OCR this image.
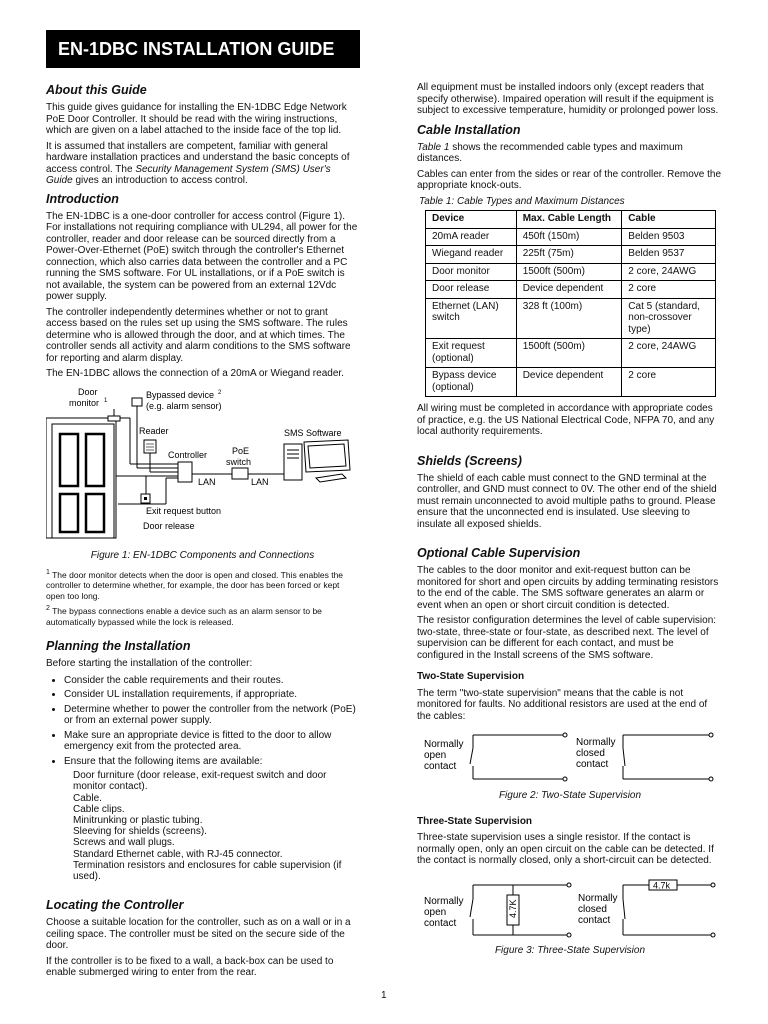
EN-1DBC INSTALLATION GUIDE
About this Guide

This guide gives guidance for installing the EN-1DBC Edge Network PoE Door Controller. It should be read with the wiring instructions, which are given on a label attached to the inside face of the top lid.

It is assumed that installers are competent, familiar with general hardware installation practices and understand the basic concepts of access control. The Security Management System (SMS) User's Guide gives an introduction to access control.

Introduction

The EN-1DBC is a one-door controller for access control (Figure 1). For installations not requiring compliance with UL294, all power for the controller, reader and door release can be sourced directly from a Power-Over-Ethernet (PoE) switch through the controller's Ethernet connection, which also carries data between the controller and a PC running the SMS software. For UL installations, or if a PoE switch is not available, the system can be powered from an external 12Vdc power supply.

The controller independently determines whether or not to grant access based on the rules set up using the SMS software. The rules determine who is allowed through the door, and at which times. The controller sends all activity and alarm conditions to the SMS software for reporting and alarm display.

The EN-1DBC allows the connection of a 20mA or Wiegand reader.

Door
monitor 1
Bypassed device 2
(e.g. alarm sensor)
Reader
Exit request button
Door release
Controller
LAN
PoE
switch
LAN
SMS Software
Figure 1: EN-1DBC Components and Connections

$^1$ The door monitor detects when the door is open and closed. This enables the controller to determine whether, for example, the door has been forced or kept open too long.

$^2$ The bypass connections enable a device such as an alarm sensor to be automatically bypassed while the lock is released.

Planning the Installation

Before starting the installation of the controller:

• Consider the cable requirements and their routes.
• Consider UL installation requirements, if appropriate.
• Determine whether to power the controller from the network (PoE) or from an external power supply.
• Make sure an appropriate device is fitted to the door to allow emergency exit from the protected area.
• Ensure that the following items are available:
Door furniture (door release, exit-request switch and door monitor contact).
Cable.
Cable clips.
Minitrunking or plastic tubing.
Sleeving for shields (screens).
Screws and wall plugs.
Standard Ethernet cable, with RJ-45 connector.
Termination resistors and enclosures for cable supervision (if used).
Locating the Controller

Choose a suitable location for the controller, such as on a wall or in a ceiling space. The controller must be sited on the secure side of the door.

If the controller is to be fixed to a wall, a back-box can be used to enable submerged wiring to enter from the rear.

All equipment must be installed indoors only (except readers that specify otherwise). Impaired operation will result if the equipment is subject to excessive temperature, humidity or prolonged power loss.

Cable Installation

Table 1 shows the recommended cable types and maximum distances.

Cables can enter from the sides or rear of the controller. Remove the appropriate knock-outs.

Table 1: Cable Types and Maximum Distances
Device	Max. Cable Length	Cable
20mA reader	450ft (150m)	Belden 9503
Wiegand reader	225ft (75m)	Belden 9537
Door monitor	1500ft (500m)	2 core, 24AWG
Door release	Device dependent	2 core
Ethernet (LAN) switch	328 ft (100m)	Cat 5 (standard, non-crossover type)
Exit request (optional)	1500ft (500m)	2 core, 24AWG
Bypass device (optional)	Device dependent	2 core

All wiring must be completed in accordance with appropriate codes of practice, e.g. the US National Electrical Code, NFPA 70, and any local authority requirements.

Shields (Screens)

The shield of each cable must connect to the GND terminal at the controller, and GND must connect to 0V. The other end of the shield must remain unconnected to avoid multiple paths to ground. Please ensure that the unconnected end is insulated. Use sleeving to insulate all exposed shields.

Optional Cable Supervision

The cables to the door monitor and exit-request button can be monitored for short and open circuits by adding terminating resistors to the end of the cable. The SMS software generates an alarm or event when an open or short circuit condition is detected.

The resistor configuration determines the level of cable supervision: two-state, three-state or four-state, as described next. The level of supervision can be different for each contact, and must be configured in the Install screens of the SMS software.

Two-State Supervision

The term "two-state supervision" means that the cable is not monitored for faults. No additional resistors are used at the end of the cables:

Normally
open
contact
Normally
closed
contact
Figure 2: Two-State Supervision
Three-State Supervision

Three-state supervision uses a single resistor. If the contact is normally open, only an open circuit on the cable can be detected. If the contact is normally closed, only a short-circuit can be detected.

4.7K
Normally
open
contact
4.7k
Normally
closed
contact
Figure 3: Three-State Supervision
1
